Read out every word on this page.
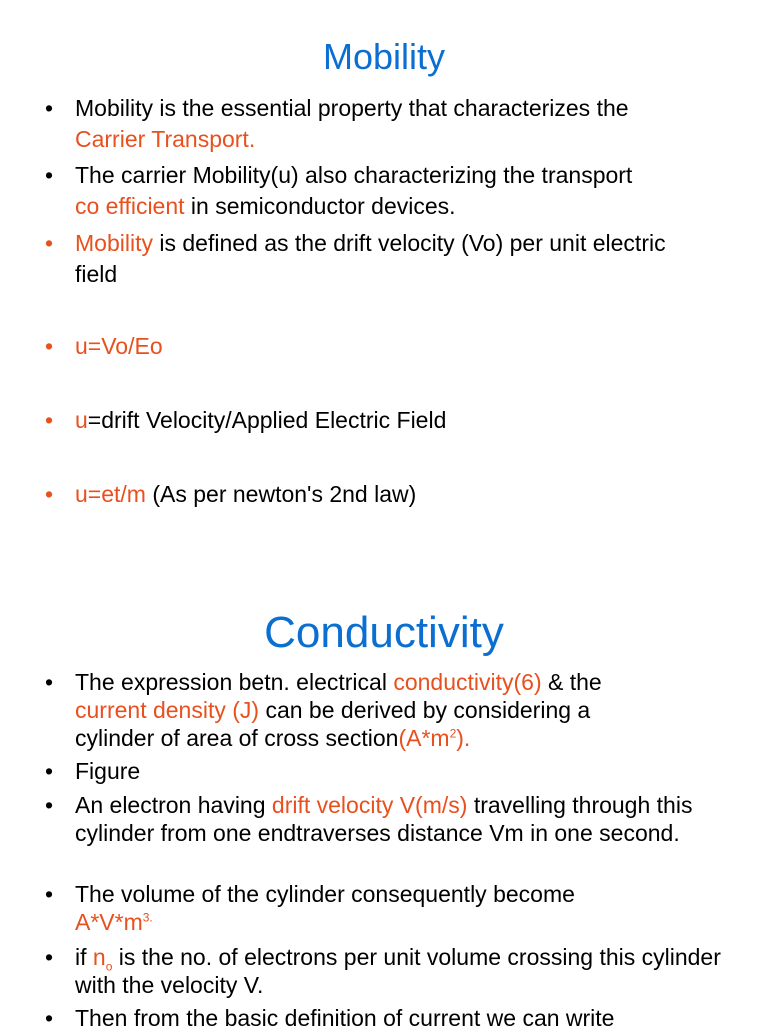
Mobility
• Mobility is the essential property that characterizes the
Carrier Transport.
• The carrier Mobility(u) also characterizing the transport
co efficient in semiconductor devices.
• Mobility is defined as the drift velocity (Vo) per unit electric field
• u=Vo/Eo
• u=drift Velocity/Applied Electric Field
• u=et/m (As per newton's 2nd law)
Conductivity
• The expression betn. electrical conductivity(6) & the current density (J) can be derived by considering a cylinder of area of cross $section(A*m^2)$.
• Figure
• An electron having drift velocity V(m/s) travelling through this cylinder from one endtraverses distance Vm in one second.
• The volume of the cylinder consequently become
$A*V*m^{3.}$
• if $n_o$ is the no. of electrons per unit volume crossing this cylinder with the velocity V.
• Then from the basic definition of current we can write
